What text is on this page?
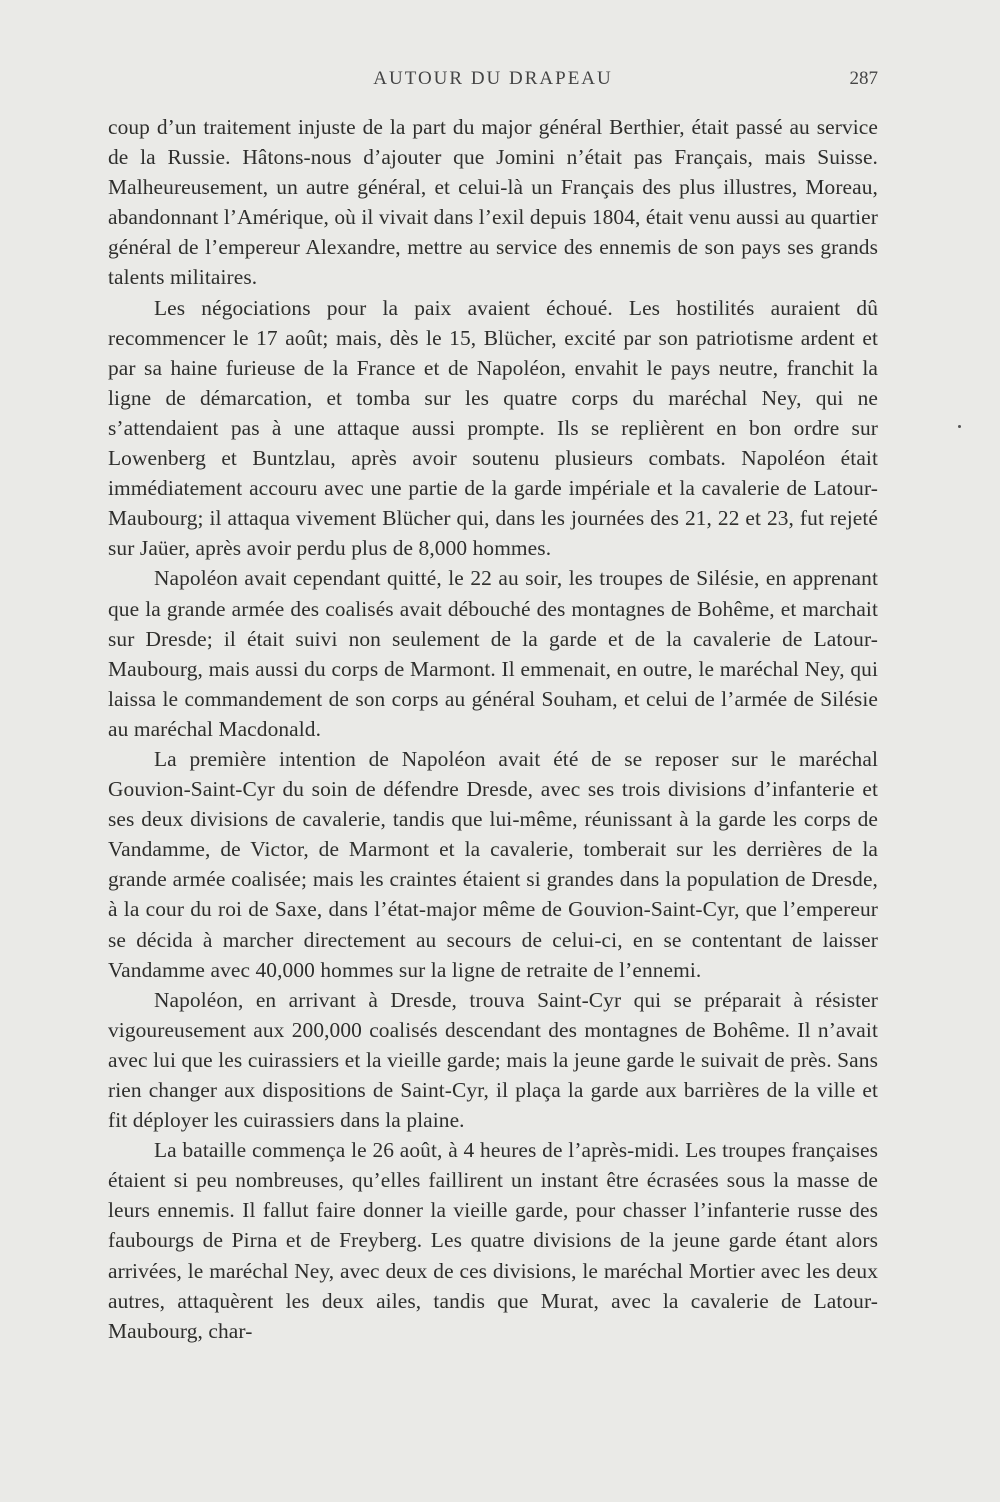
AUTOUR DU DRAPEAU	287

coup d’un traitement injuste de la part du major général Berthier, était passé au service de la Russie. Hâtons-nous d’ajouter que Jomini n’était pas Français, mais Suisse. Malheureusement, un autre général, et celui-là un Français des plus illustres, Moreau, abandonnant l’Amérique, où il vivait dans l’exil depuis 1804, était venu aussi au quartier général de l’empereur Alexandre, mettre au service des ennemis de son pays ses grands talents militaires.

Les négociations pour la paix avaient échoué. Les hostilités auraient dû recommencer le 17 août; mais, dès le 15, Blücher, excité par son patriotisme ardent et par sa haine furieuse de la France et de Napoléon, envahit le pays neutre, franchit la ligne de démarcation, et tomba sur les quatre corps du maréchal Ney, qui ne s’attendaient pas à une attaque aussi prompte. Ils se replièrent en bon ordre sur Lowenberg et Buntzlau, après avoir soutenu plusieurs combats. Napoléon était immédiatement accouru avec une partie de la garde impériale et la cavalerie de Latour-Maubourg; il attaqua vivement Blücher qui, dans les journées des 21, 22 et 23, fut rejeté sur Jaüer, après avoir perdu plus de 8,000 hommes.

Napoléon avait cependant quitté, le 22 au soir, les troupes de Silésie, en apprenant que la grande armée des coalisés avait débouché des montagnes de Bohême, et marchait sur Dresde; il était suivi non seulement de la garde et de la cavalerie de Latour-Maubourg, mais aussi du corps de Marmont. Il emmenait, en outre, le maréchal Ney, qui laissa le commandement de son corps au général Souham, et celui de l’armée de Silésie au maréchal Macdonald.

La première intention de Napoléon avait été de se reposer sur le maréchal Gouvion-Saint-Cyr du soin de défendre Dresde, avec ses trois divisions d’infanterie et ses deux divisions de cavalerie, tandis que lui-même, réunissant à la garde les corps de Vandamme, de Victor, de Marmont et la cavalerie, tomberait sur les derrières de la grande armée coalisée; mais les craintes étaient si grandes dans la population de Dresde, à la cour du roi de Saxe, dans l’état-major même de Gouvion-Saint-Cyr, que l’empereur se décida à marcher directement au secours de celui-ci, en se contentant de laisser Vandamme avec 40,000 hommes sur la ligne de retraite de l’ennemi.

Napoléon, en arrivant à Dresde, trouva Saint-Cyr qui se préparait à résister vigoureusement aux 200,000 coalisés descendant des montagnes de Bohême. Il n’avait avec lui que les cuirassiers et la vieille garde; mais la jeune garde le suivait de près. Sans rien changer aux dispositions de Saint-Cyr, il plaça la garde aux barrières de la ville et fit déployer les cuirassiers dans la plaine.

La bataille commença le 26 août, à 4 heures de l’après-midi. Les troupes françaises étaient si peu nombreuses, qu’elles faillirent un instant être écrasées sous la masse de leurs ennemis. Il fallut faire donner la vieille garde, pour chasser l’infanterie russe des faubourgs de Pirna et de Freyberg. Les quatre divisions de la jeune garde étant alors arrivées, le maréchal Ney, avec deux de ces divisions, le maréchal Mortier avec les deux autres, attaquèrent les deux ailes, tandis que Murat, avec la cavalerie de Latour-Maubourg, char-
